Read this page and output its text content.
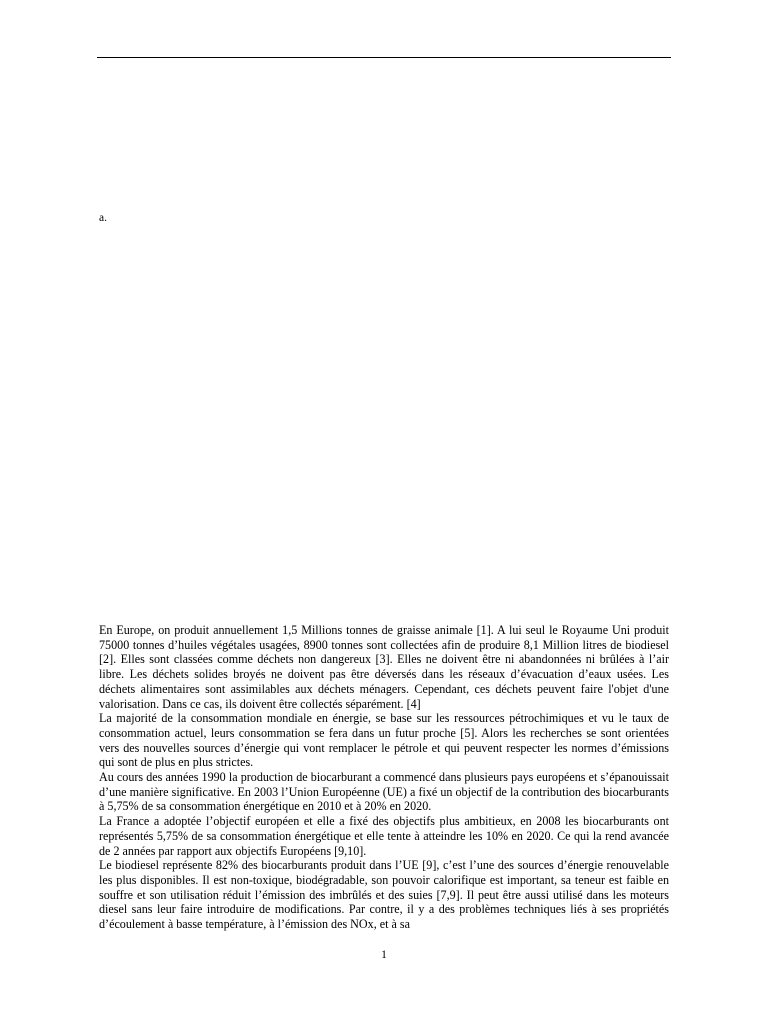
a.

En Europe, on produit annuellement 1,5 Millions tonnes de graisse animale [1]. A lui seul le Royaume Uni produit 75000 tonnes d’huiles végétales usagées, 8900 tonnes sont collectées afin de produire 8,1 Million litres de biodiesel [2]. Elles sont classées comme déchets non dangereux [3]. Elles ne doivent être ni abandonnées ni brûlées à l’air libre. Les déchets solides broyés ne doivent pas être déversés dans les réseaux d’évacuation d’eaux usées. Les déchets alimentaires sont assimilables aux déchets ménagers. Cependant, ces déchets peuvent faire l'objet d'une valorisation. Dans ce cas, ils doivent être collectés séparément. [4]

La majorité de la consommation mondiale en énergie, se base sur les ressources pétrochimiques et vu le taux de consommation actuel, leurs consommation se fera dans un futur proche [5]. Alors les recherches se sont orientées vers des nouvelles sources d’énergie qui vont remplacer le pétrole et qui peuvent respecter les normes d’émissions qui sont de plus en plus strictes.

Au cours des années 1990 la production de biocarburant a commencé dans plusieurs pays européens et s’épanouissait d’une manière significative. En 2003 l’Union Européenne (UE) a fixé un objectif de la contribution des biocarburants à 5,75% de sa consommation énergétique en 2010 et à 20% en 2020.

La France a adoptée l’objectif européen et elle a fixé des objectifs plus ambitieux, en 2008 les biocarburants ont représentés 5,75% de sa consommation énergétique et elle tente à atteindre les 10% en 2020. Ce qui la rend avancée de 2 années par rapport aux objectifs Européens [9,10].

Le biodiesel représente 82% des biocarburants produit dans l’UE [9], c’est l’une des sources d’énergie renouvelable les plus disponibles. Il est non-toxique, biodégradable, son pouvoir calorifique est important, sa teneur est faible en souffre et son utilisation réduit l’émission des imbrûlés et des suies [7,9]. Il peut être aussi utilisé dans les moteurs diesel sans leur faire introduire de modifications. Par contre, il y a des problèmes techniques liés à ses propriétés d’écoulement à basse température, à l’émission des NOx, et à sa

1
